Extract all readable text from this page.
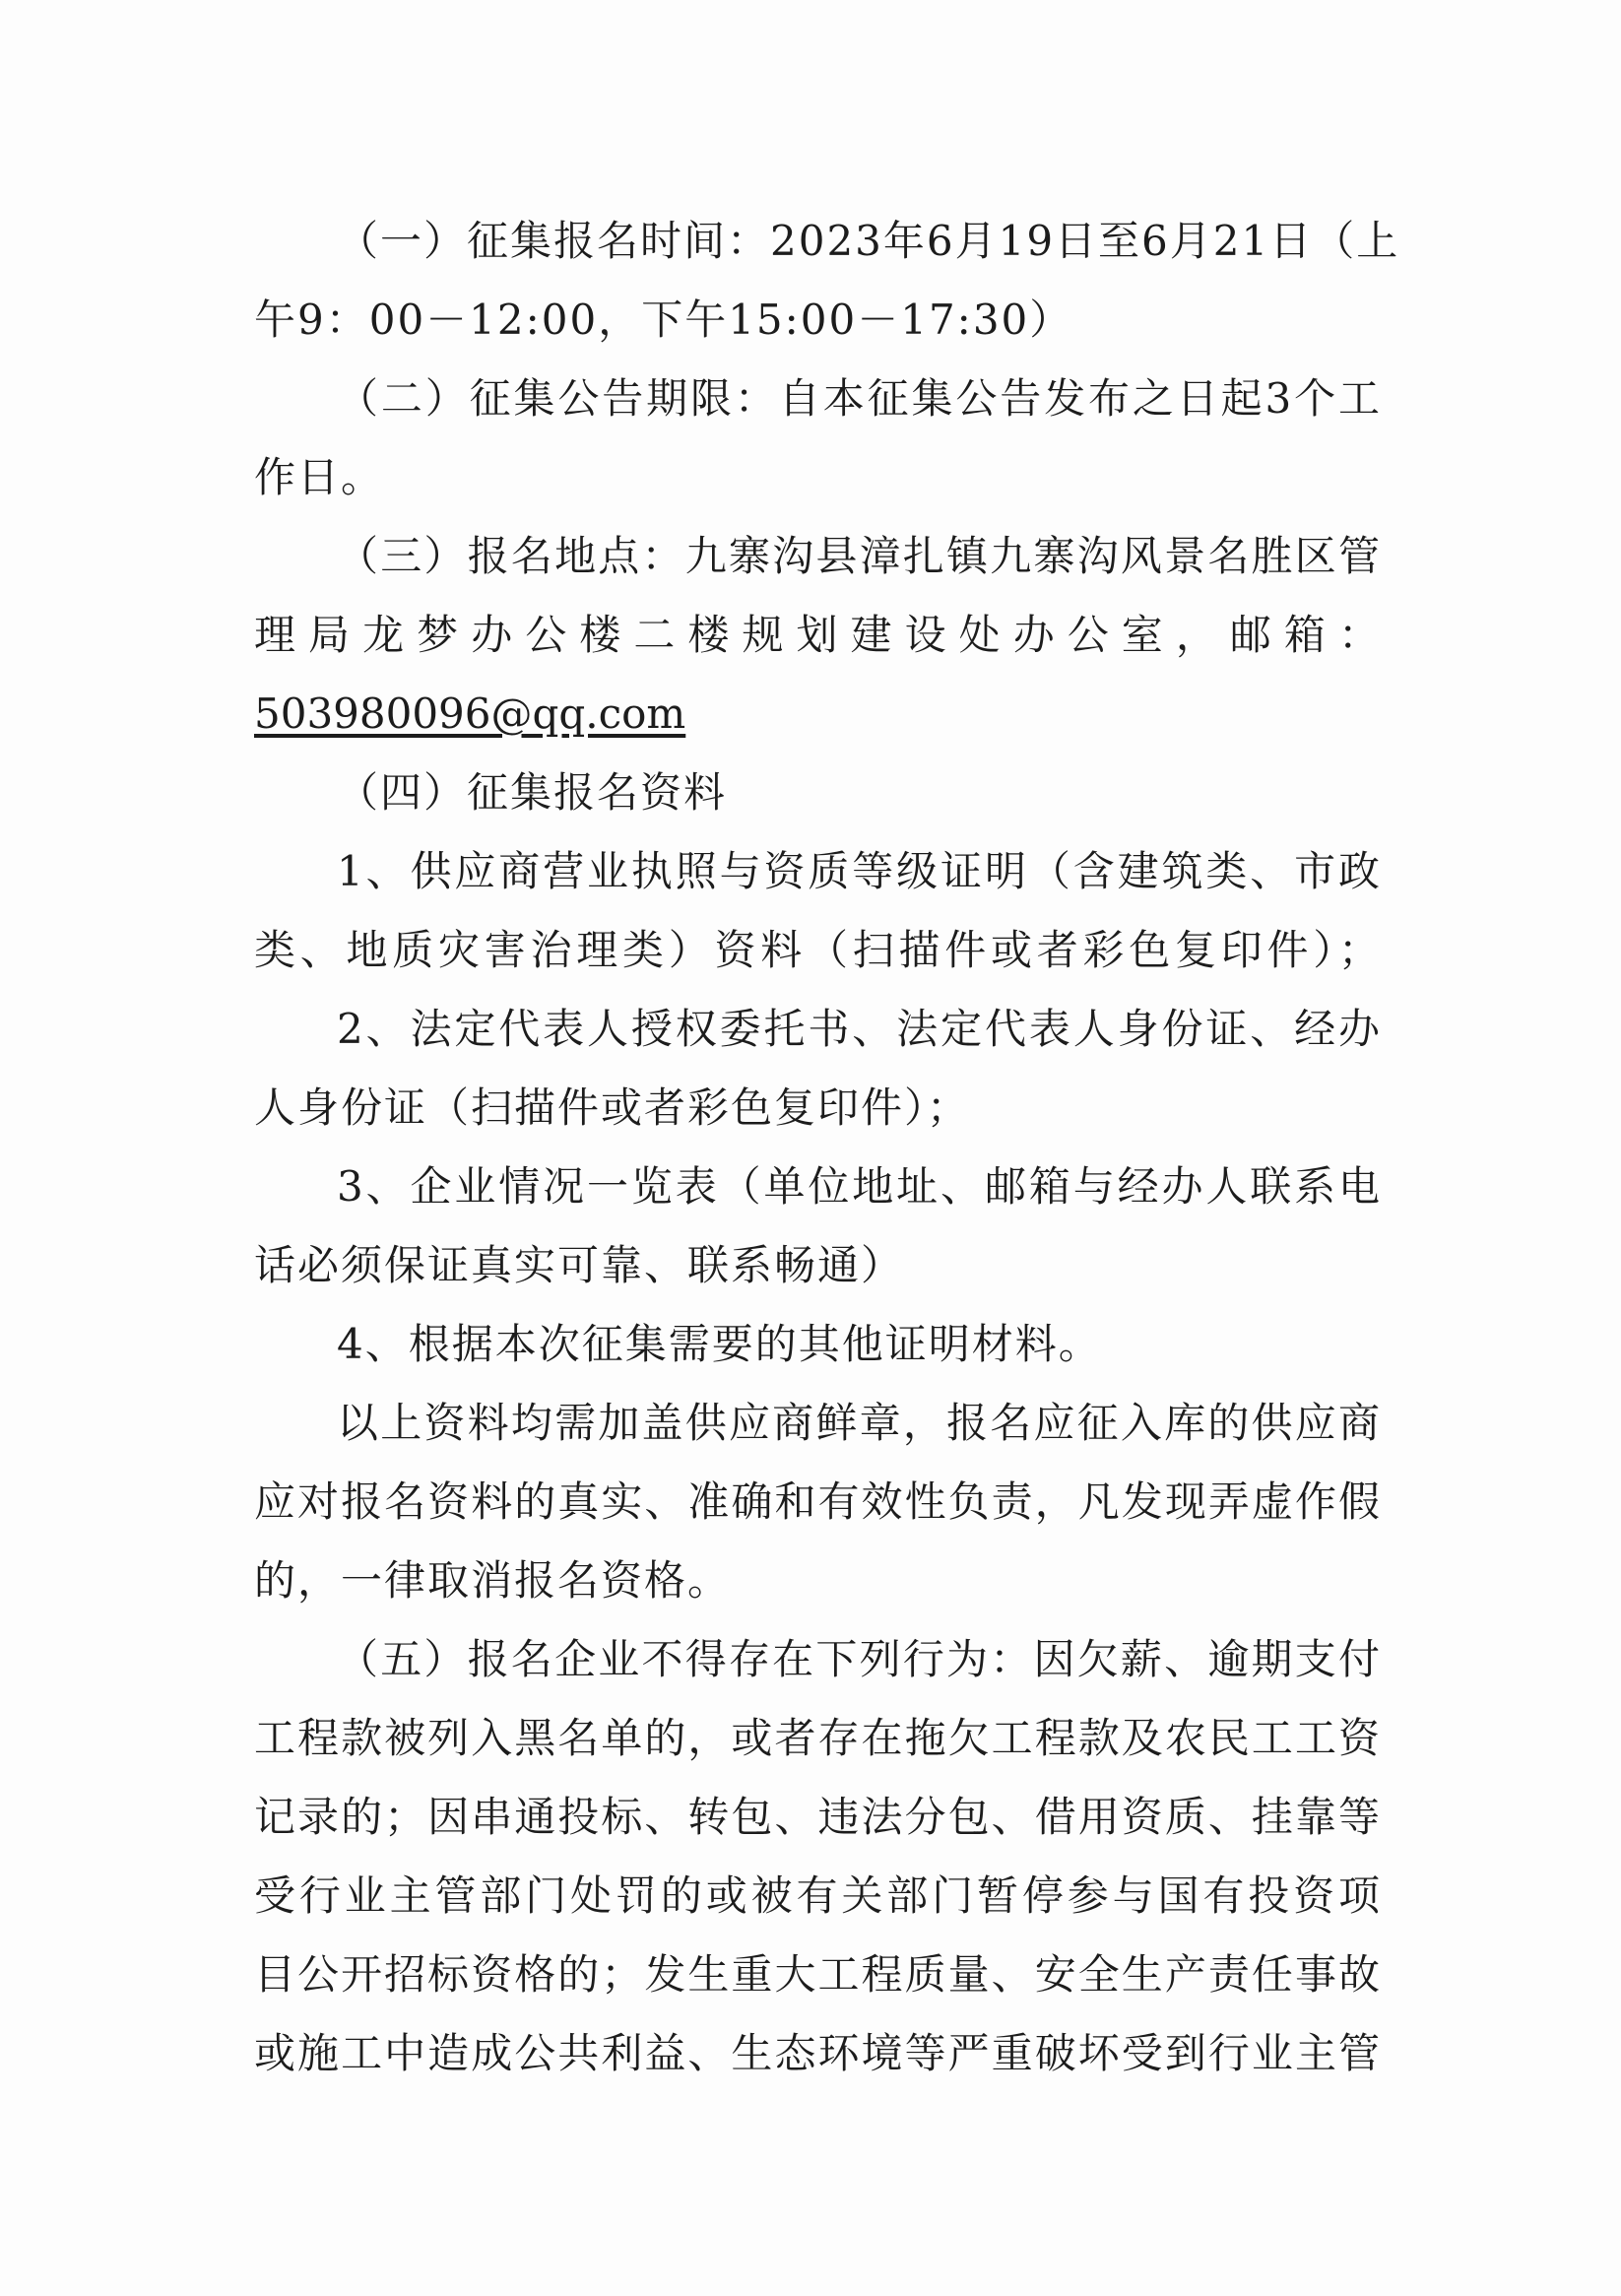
（一）征集报名时间：2023年6月19日至6月21日（上
午9：00－12:00，下午15:00－17:30）
（二）征集公告期限：自本征集公告发布之日起3个工
作日。
（三）报名地点：九寨沟县漳扎镇九寨沟风景名胜区管
理局龙梦办公楼二楼规划建设处办公室，邮箱：
503980096@qq.com
（四）征集报名资料
1、供应商营业执照与资质等级证明（含建筑类、市政
类、地质灾害治理类）资料（扫描件或者彩色复印件）；
2、法定代表人授权委托书、法定代表人身份证、经办
人身份证（扫描件或者彩色复印件）；
3、企业情况一览表（单位地址、邮箱与经办人联系电
话必须保证真实可靠、联系畅通）
4、根据本次征集需要的其他证明材料。
以上资料均需加盖供应商鲜章，报名应征入库的供应商
应对报名资料的真实、准确和有效性负责，凡发现弄虚作假
的，一律取消报名资格。
（五）报名企业不得存在下列行为：因欠薪、逾期支付
工程款被列入黑名单的，或者存在拖欠工程款及农民工工资
记录的；因串通投标、转包、违法分包、借用资质、挂靠等
受行业主管部门处罚的或被有关部门暂停参与国有投资项
目公开招标资格的；发生重大工程质量、安全生产责任事故
或施工中造成公共利益、生态环境等严重破坏受到行业主管
